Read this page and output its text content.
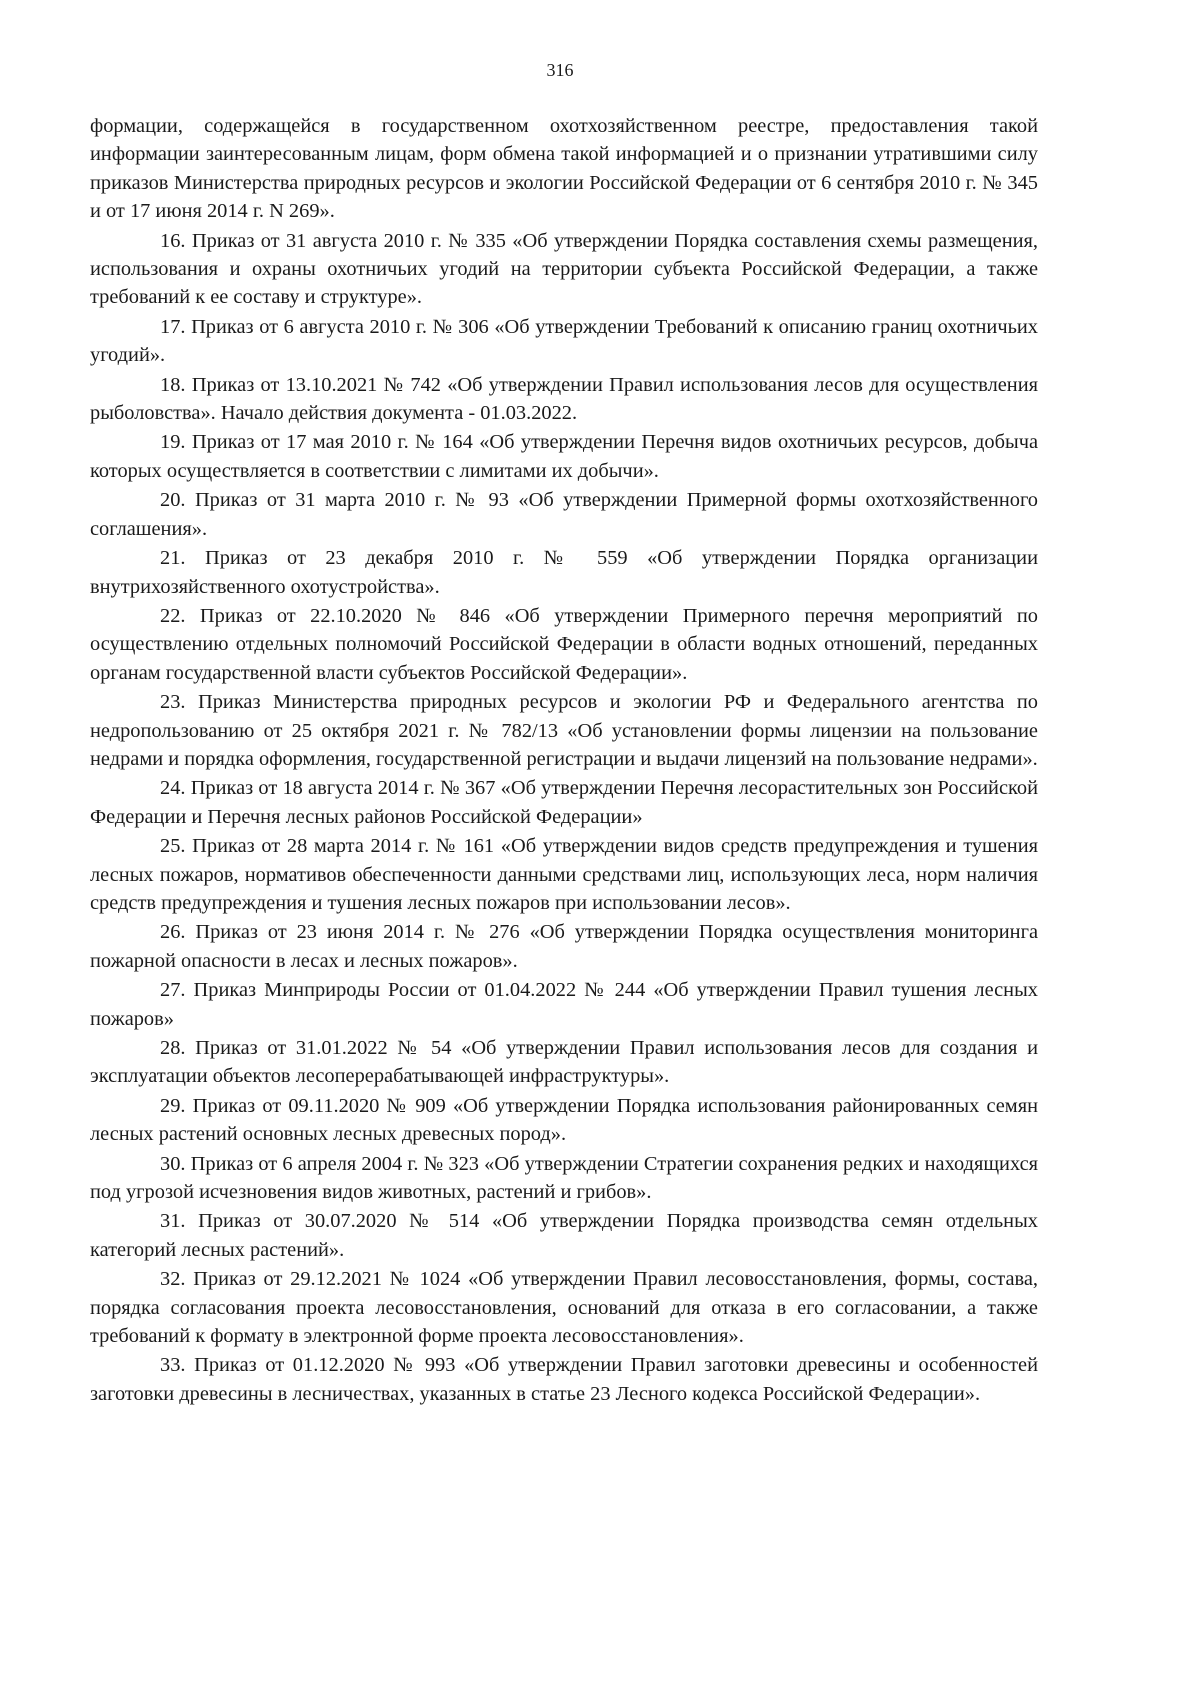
316

формации, содержащейся в государственном охотхозяйственном реестре, предоставления такой информации заинтересованным лицам, форм обмена такой информацией и о признании утратившими силу приказов Министерства природных ресурсов и экологии Российской Федерации от 6 сентября 2010 г. № 345 и от 17 июня 2014 г. N 269».

16. Приказ от 31 августа 2010 г. № 335 «Об утверждении Порядка составления схемы размещения, использования и охраны охотничьих угодий на территории субъекта Российской Федерации, а также требований к ее составу и структуре».

17. Приказ от 6 августа 2010 г. № 306 «Об утверждении Требований к описанию границ охотничьих угодий».

18. Приказ от 13.10.2021 № 742 «Об утверждении Правил использования лесов для осуществления рыболовства». Начало действия документа - 01.03.2022.

19. Приказ от 17 мая 2010 г. № 164 «Об утверждении Перечня видов охотничьих ресурсов, добыча которых осуществляется в соответствии с лимитами их добычи».

20. Приказ от 31 марта 2010 г. № 93 «Об утверждении Примерной формы охотхозяйственного соглашения».

21. Приказ от 23 декабря 2010 г. № 559 «Об утверждении Порядка организации внутрихозяйственного охотустройства».

22. Приказ от 22.10.2020 № 846 «Об утверждении Примерного перечня мероприятий по осуществлению отдельных полномочий Российской Федерации в области водных отношений, переданных органам государственной власти субъектов Российской Федерации».

23. Приказ Министерства природных ресурсов и экологии РФ и Федерального агентства по недропользованию от 25 октября 2021 г. № 782/13 «Об установлении формы лицензии на пользование недрами и порядка оформления, государственной регистрации и выдачи лицензий на пользование недрами».

24. Приказ от 18 августа 2014 г. № 367 «Об утверждении Перечня лесорастительных зон Российской Федерации и Перечня лесных районов Российской Федерации»

25. Приказ от 28 марта 2014 г. № 161 «Об утверждении видов средств предупреждения и тушения лесных пожаров, нормативов обеспеченности данными средствами лиц, использующих леса, норм наличия средств предупреждения и тушения лесных пожаров при использовании лесов».

26. Приказ от 23 июня 2014 г. № 276 «Об утверждении Порядка осуществления мониторинга пожарной опасности в лесах и лесных пожаров».

27. Приказ Минприроды России от 01.04.2022 № 244 «Об утверждении Правил тушения лесных пожаров»

28. Приказ от 31.01.2022 № 54 «Об утверждении Правил использования лесов для создания и эксплуатации объектов лесоперерабатывающей инфраструктуры».

29. Приказ от 09.11.2020 № 909 «Об утверждении Порядка использования районированных семян лесных растений основных лесных древесных пород».

30. Приказ от 6 апреля 2004 г. № 323 «Об утверждении Стратегии сохранения редких и находящихся под угрозой исчезновения видов животных, растений и грибов».

31. Приказ от 30.07.2020 № 514 «Об утверждении Порядка производства семян отдельных категорий лесных растений».

32. Приказ от 29.12.2021 № 1024 «Об утверждении Правил лесовосстановления, формы, состава, порядка согласования проекта лесовосстановления, оснований для отказа в его согласовании, а также требований к формату в электронной форме проекта лесовосстановления».

33. Приказ от 01.12.2020 № 993 «Об утверждении Правил заготовки древесины и особенностей заготовки древесины в лесничествах, указанных в статье 23 Лесного кодекса Российской Федерации».
